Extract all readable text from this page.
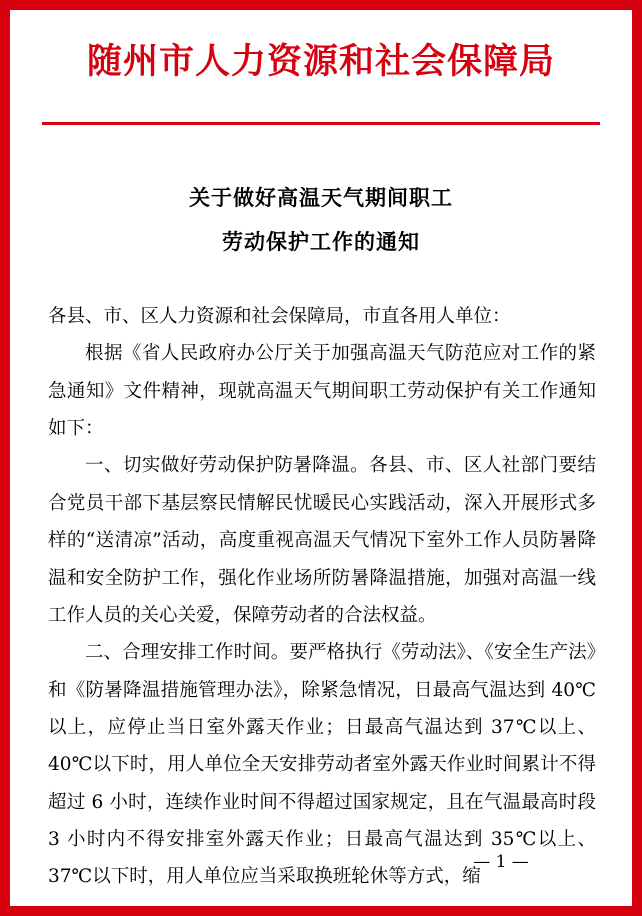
随州市人力资源和社会保障局
关于做好高温天气期间职工
劳动保护工作的通知

各县、市、区人力资源和社会保障局，市直各用人单位：

根据《省人民政府办公厅关于加强高温天气防范应对工作的紧急通知》文件精神，现就高温天气期间职工劳动保护有关工作通知如下：

一、切实做好劳动保护防暑降温。各县、市、区人社部门要结合党员干部下基层察民情解民忧暖民心实践活动，深入开展形式多样的“送清凉”活动，高度重视高温天气情况下室外工作人员防暑降温和安全防护工作，强化作业场所防暑降温措施，加强对高温一线工作人员的关心关爱，保障劳动者的合法权益。

二、合理安排工作时间。要严格执行《劳动法》、《安全生产法》和《防暑降温措施管理办法》，除紧急情况，日最高气温达到 40℃以上，应停止当日室外露天作业；日最高气温达到 37℃以上、40℃以下时，用人单位全天安排劳动者室外露天作业时间累计不得超过 6 小时，连续作业时间不得超过国家规定，且在气温最高时段 3 小时内不得安排室外露天作业；日最高气温达到 35℃以上、37℃以下时，用人单位应当采取换班轮休等方式，缩

— 1 —
